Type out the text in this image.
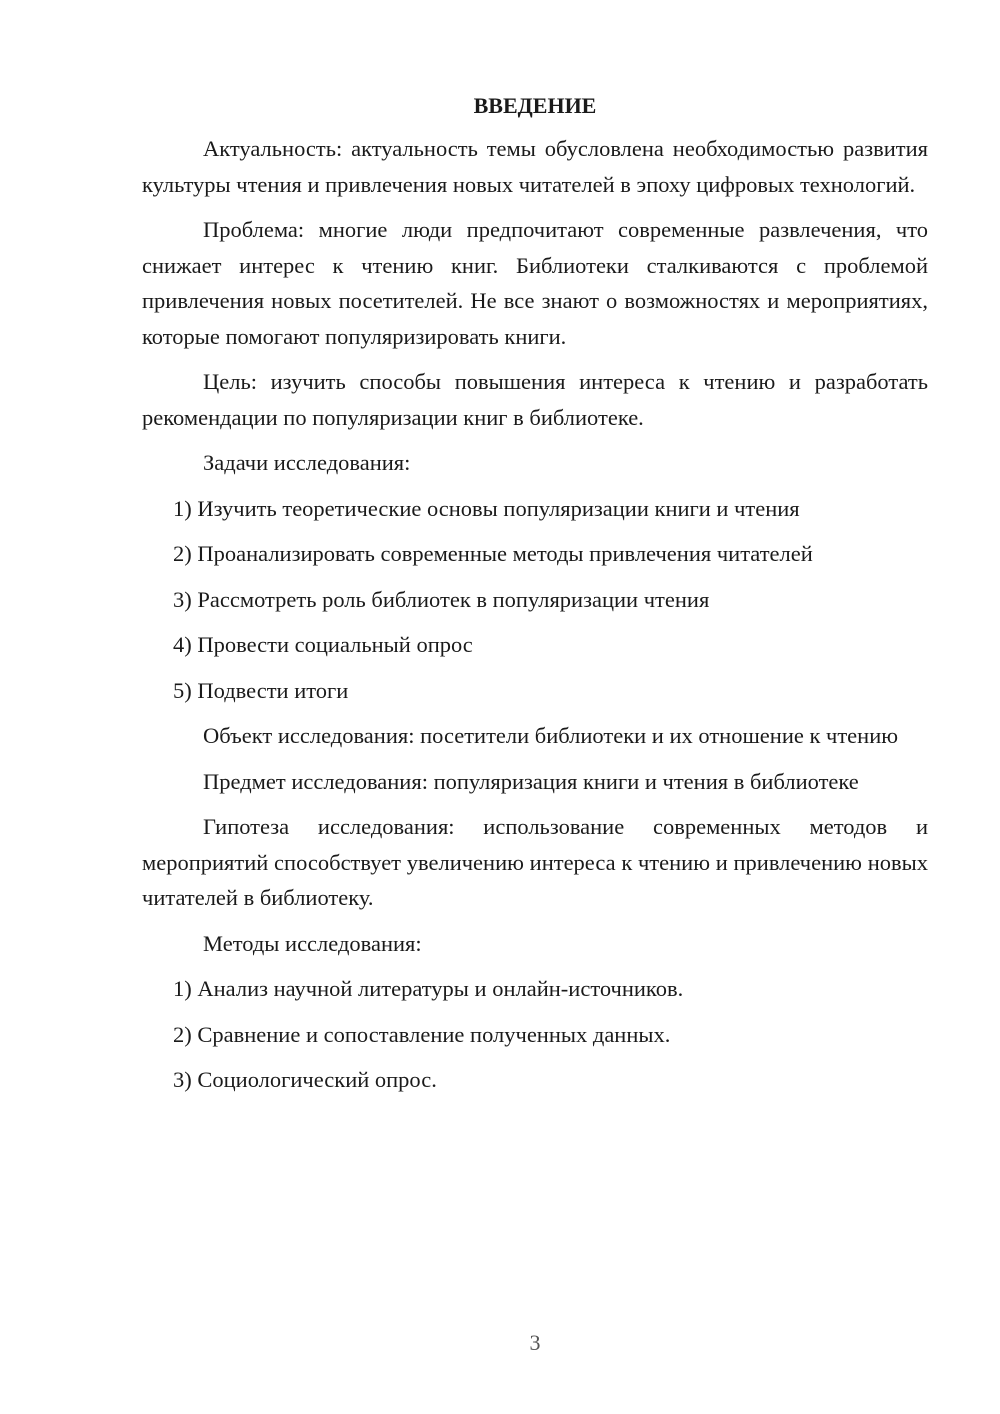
ВВЕДЕНИЕ

Актуальность: актуальность темы обусловлена необходимостью развития культуры чтения и привлечения новых читателей в эпоху цифровых технологий.

Проблема: многие люди предпочитают современные развлечения, что снижает интерес к чтению книг. Библиотеки сталкиваются с проблемой привлечения новых посетителей. Не все знают о возможностях и мероприятиях, которые помогают популяризировать книги.

Цель: изучить способы повышения интереса к чтению и разработать рекомендации по популяризации книг в библиотеке.

Задачи исследования:

1) Изучить теоретические основы популяризации книги и чтения
2) Проанализировать современные методы привлечения читателей
3) Рассмотреть роль библиотек в популяризации чтения
4) Провести социальный опрос
5) Подвести итоги

Объект исследования: посетители библиотеки и их отношение к чтению

Предмет исследования: популяризация книги и чтения в библиотеке

Гипотеза исследования: использование современных методов и мероприятий способствует увеличению интереса к чтению и привлечению новых читателей в библиотеку.

Методы исследования:

1) Анализ научной литературы и онлайн-источников.
2) Сравнение и сопоставление полученных данных.
3) Социологический опрос.
3
